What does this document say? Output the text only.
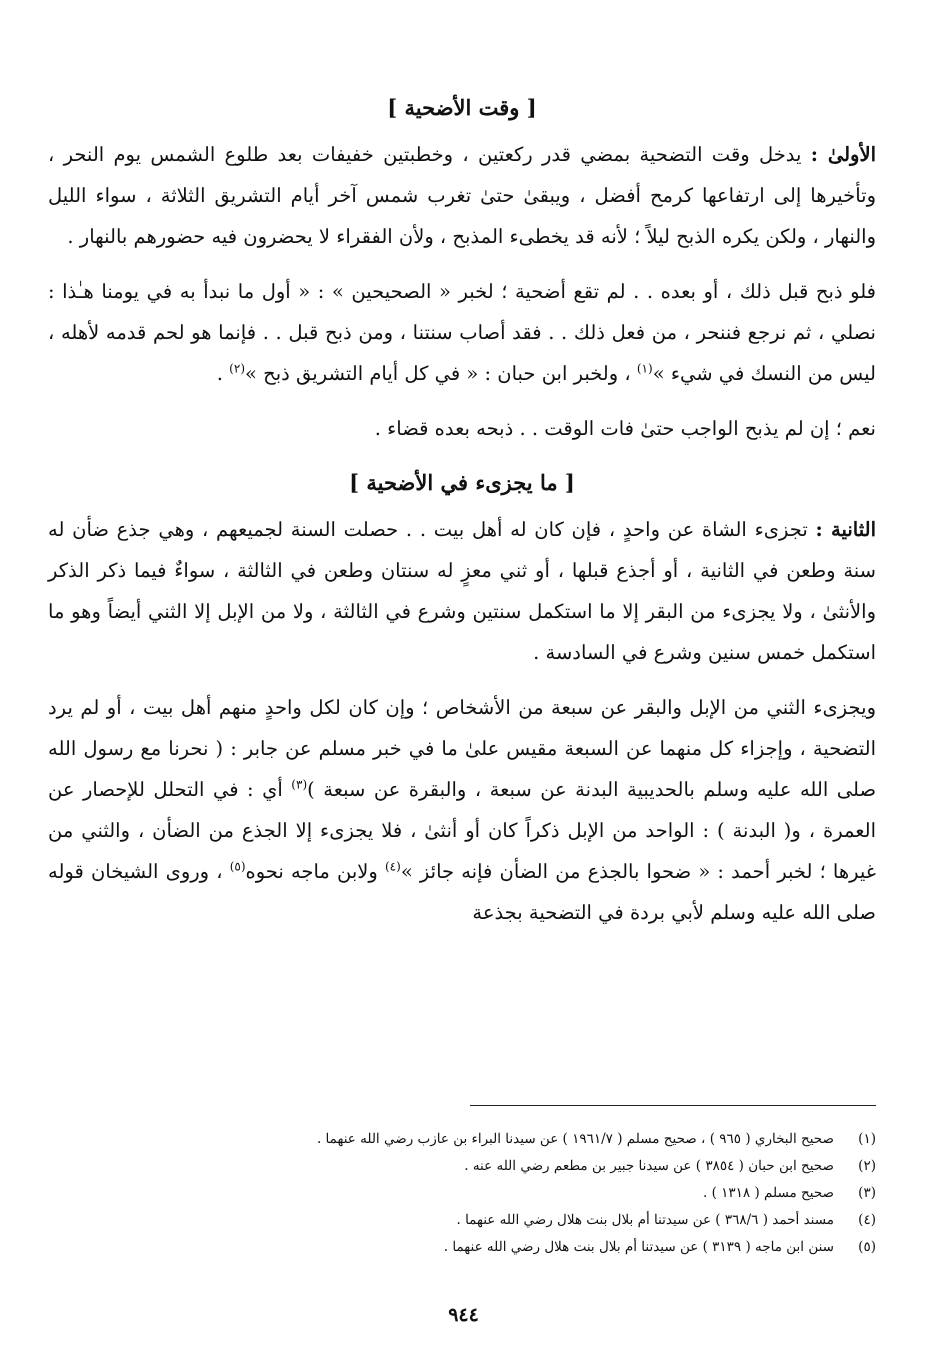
[ وقت الأضحية ]

الأولىٰ : يدخل وقت التضحية بمضي قدر ركعتين ، وخطبتين خفيفات بعد طلوع الشمس يوم النحر ، وتأخيرها إلى ارتفاعها كرمح أفضل ، ويبقىٰ حتىٰ تغرب شمس آخر أيام التشريق الثلاثة ، سواء الليل والنهار ، ولكن يكره الذبح ليلاً ؛ لأنه قد يخطىء المذبح ، ولأن الفقراء لا يحضرون فيه حضورهم بالنهار .

فلو ذبح قبل ذلك ، أو بعده . . لم تقع أضحية ؛ لخبر « الصحيحين » : « أول ما نبدأ به في يومنا هـٰذا : نصلي ، ثم نرجع فننحر ، من فعل ذلك . . فقد أصاب سنتنا ، ومن ذبح قبل . . فإنما هو لحم قدمه لأهله ، ليس من النسك في شيء »$^{(١)}$ ، ولخبر ابن حبان : « في كل أيام التشريق ذبح »$^{(٢)}$ .

نعم ؛ إن لم يذبح الواجب حتىٰ فات الوقت . . ذبحه بعده قضاء .

[ ما يجزىء في الأضحية ]

الثانية : تجزىء الشاة عن واحدٍ ، فإن كان له أهل بيت . . حصلت السنة لجميعهم ، وهي جذع ضأن له سنة وطعن في الثانية ، أو أجذع قبلها ، أو ثني معزٍ له سنتان وطعن في الثالثة ، سواءٌ فيما ذكر الذكر والأنثىٰ ، ولا يجزىء من البقر إلا ما استكمل سنتين وشرع في الثالثة ، ولا من الإبل إلا الثني أيضاً وهو ما استكمل خمس سنين وشرع في السادسة .

ويجزىء الثني من الإبل والبقر عن سبعة من الأشخاص ؛ وإن كان لكل واحدٍ منهم أهل بيت ، أو لم يرد التضحية ، وإجزاء كل منهما عن السبعة مقيس علىٰ ما في خبر مسلم عن جابر : ( نحرنا مع رسول الله صلى الله عليه وسلم بالحديبية البدنة عن سبعة ، والبقرة عن سبعة )$^{(٣)}$ أي : في التحلل للإحصار عن العمرة ، و( البدنة ) : الواحد من الإبل ذكراً كان أو أنثىٰ ، فلا يجزىء إلا الجذع من الضأن ، والثني من غيرها ؛ لخبر أحمد : « ضحوا بالجذع من الضأن فإنه جائز »$^{(٤)}$ ولابن ماجه نحوه$^{(٥)}$ ، وروى الشيخان قوله صلى الله عليه وسلم لأبي بردة في التضحية بجذعة

(١)
صحيح البخاري ( ٩٦٥ ) ، صحيح مسلم ( ١٩٦١/٧ ) عن سيدنا البراء بن عازب رضي الله عنهما .
(٢)
صحيح ابن حبان ( ٣٨٥٤ ) عن سيدنا جبير بن مطعم رضي الله عنه .
(٣)
صحيح مسلم ( ١٣١٨ ) .
(٤)
مسند أحمد ( ٣٦٨/٦ ) عن سيدتنا أم بلال بنت هلال رضي الله عنهما .
(٥)
سنن ابن ماجه ( ٣١٣٩ ) عن سيدتنا أم بلال بنت هلال رضي الله عنهما .
٩٤٤
